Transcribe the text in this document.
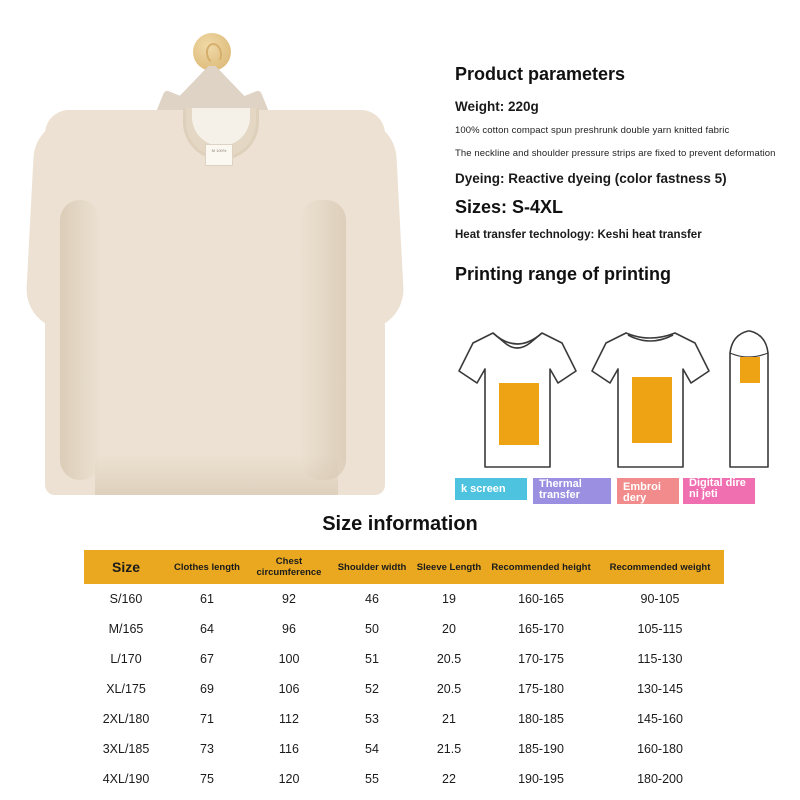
M 100%
Product parameters
Weight: 220g
100% cotton compact spun preshrunk double yarn knitted fabric
The neckline and shoulder pressure strips are fixed to prevent deformation
Dyeing: Reactive dyeing (color fastness 5)
Sizes: S-4XL
Heat transfer technology: Keshi heat transfer
Printing range of printing
k screen	Thermal
transfer
Embroi
dery
Digital dire
ni jeti
Size information
Size	Clothes length	Chest circumference	Shoulder width	Sleeve Length	Recommended height	Recommended weight
S/160	61	92	46	19	160-165	90-105
M/165	64	96	50	20	165-170	105-115
L/170	67	100	51	20.5	170-175	115-130
XL/175	69	106	52	20.5	175-180	130-145
2XL/180	71	112	53	21	180-185	145-160
3XL/185	73	116	54	21.5	185-190	160-180
4XL/190	75	120	55	22	190-195	180-200
